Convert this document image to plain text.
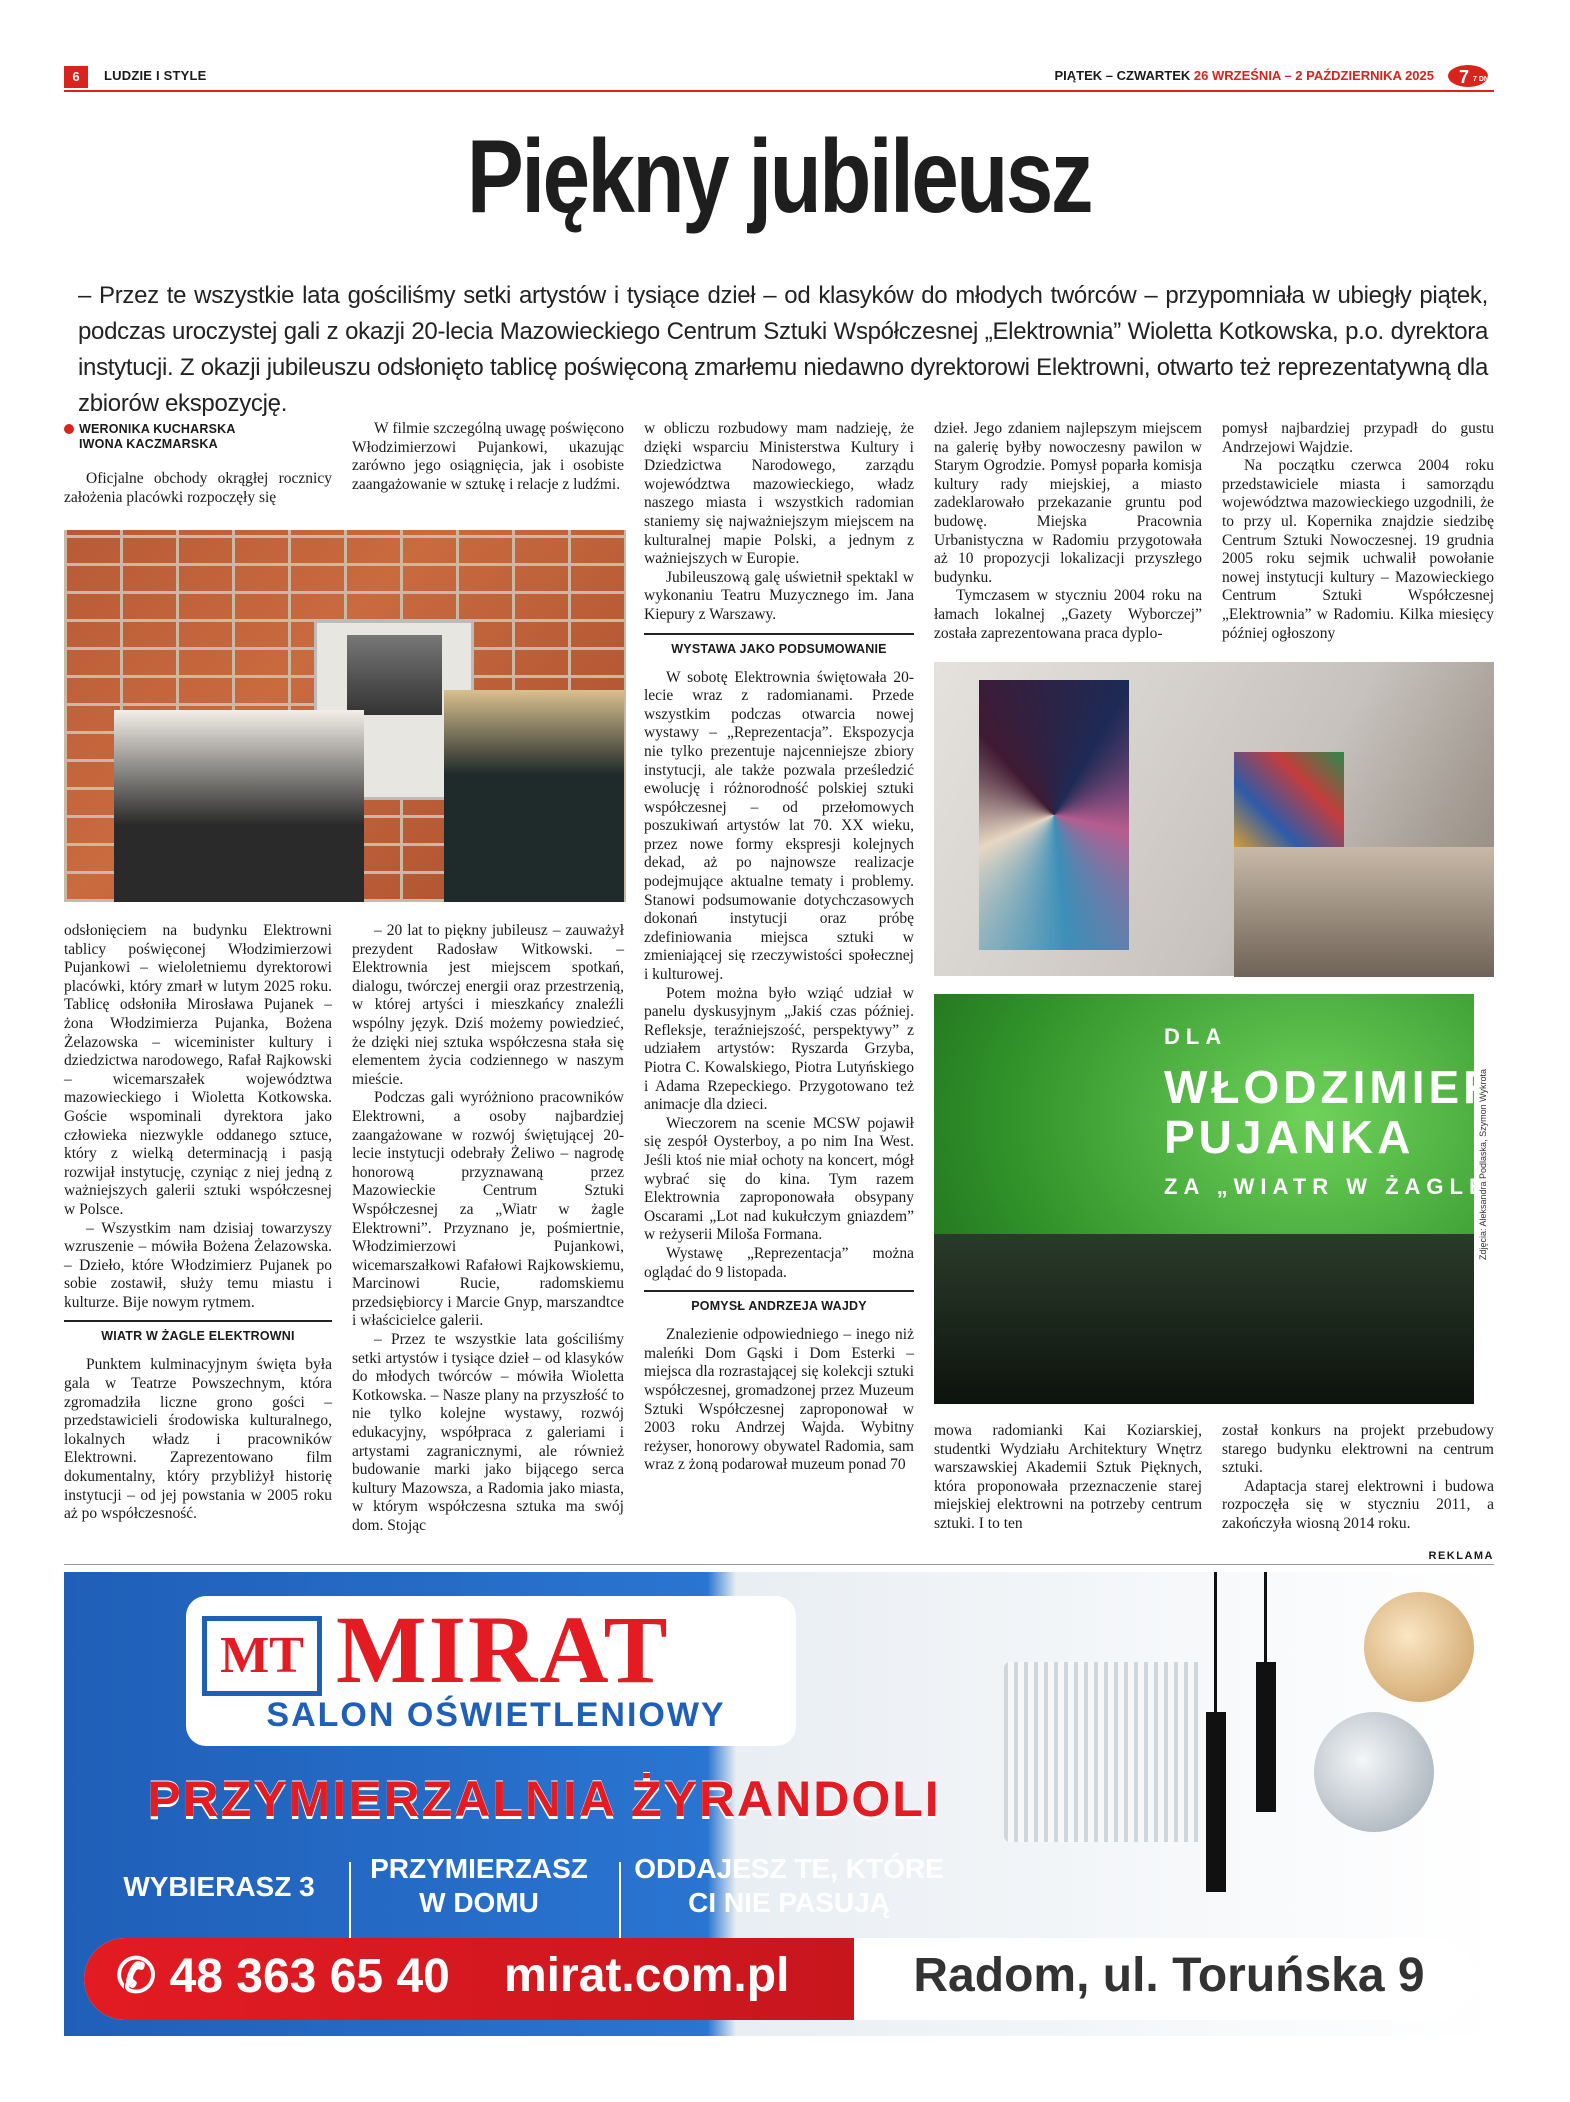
6	LUDZIE I STYLE	PIĄTEK – CZWARTEK 26 WRZEŚNIA – 2 PAŹDZIERNIKA 2025 7 7 DNI
Piękny jubileusz

– Przez te wszystkie lata gościliśmy setki artystów i tysiące dzieł – od klasyków do młodych twórców – przypomniała w ubiegły piątek, podczas uroczystej gali z okazji 20-lecia Mazowieckiego Centrum Sztuki Współczesnej „Elektrownia” Wioletta Kotkowska, p.o. dyrektora instytucji. Z okazji jubileuszu odsłonięto tablicę poświęconą zmarłemu niedawno dyrektorowi Elektrowni, otwarto też reprezentatywną dla zbiorów ekspozycję.

WERONIKA KUCHARSKA
IWONA KACZMARSKA

Oficjalne obchody okrągłej rocznicy założenia placówki rozpoczęły się

W filmie szczególną uwagę poświęcono Włodzimierzowi Pujankowi, ukazując zarówno jego osiągnięcia, jak i osobiste zaangażowanie w sztukę i relacje z ludźmi.

odsłonięciem na budynku Elektrowni tablicy poświęconej Włodzimierzowi Pujankowi – wieloletniemu dyrektorowi placówki, który zmarł w lutym 2025 roku. Tablicę odsłoniła Mirosława Pujanek – żona Włodzimierza Pujanka, Bożena Żelazowska – wiceminister kultury i dziedzictwa narodowego, Rafał Rajkowski – wicemarszałek województwa mazowieckiego i Wioletta Kotkowska. Goście wspominali dyrektora jako człowieka niezwykle oddanego sztuce, który z wielką determinacją i pasją rozwijał instytucję, czyniąc z niej jedną z ważniejszych galerii sztuki współczesnej w Polsce.

– Wszystkim nam dzisiaj towarzyszy wzruszenie – mówiła Bożena Żelazowska. – Dzieło, które Włodzimierz Pujanek po sobie zostawił, służy temu miastu i kulturze. Bije nowym rytmem.

WIATR W ŻAGLE ELEKTROWNI

Punktem kulminacyjnym święta była gala w Teatrze Powszechnym, która zgromadziła liczne grono gości – przedstawicieli środowiska kulturalnego, lokalnych władz i pracowników Elektrowni. Zaprezentowano film dokumentalny, który przybliżył historię instytucji – od jej powstania w 2005 roku aż po współczesność.

– 20 lat to piękny jubileusz – zauważył prezydent Radosław Witkowski. – Elektrownia jest miejscem spotkań, dialogu, twórczej energii oraz przestrzenią, w której artyści i mieszkańcy znaleźli wspólny język. Dziś możemy powiedzieć, że dzięki niej sztuka współczesna stała się elementem życia codziennego w naszym mieście.

Podczas gali wyróżniono pracowników Elektrowni, a osoby najbardziej zaangażowane w rozwój świętującej 20-lecie instytucji odebrały Żeliwo – nagrodę honorową przyznawaną przez Mazowieckie Centrum Sztuki Współczesnej za „Wiatr w żagle Elektrowni”. Przyznano je, pośmiertnie, Włodzimierzowi Pujankowi, wicemarszałkowi Rafałowi Rajkowskiemu, Marcinowi Rucie, radomskiemu przedsiębiorcy i Marcie Gnyp, marszandtce i właścicielce galerii.

– Przez te wszystkie lata gościliśmy setki artystów i tysiące dzieł – od klasyków do młodych twórców – mówiła Wioletta Kotkowska. – Nasze plany na przyszłość to nie tylko kolejne wystawy, rozwój edukacyjny, współpraca z galeriami i artystami zagranicznymi, ale również budowanie marki jako bijącego serca kultury Mazowsza, a Radomia jako miasta, w którym współczesna sztuka ma swój dom. Stojąc

w obliczu rozbudowy mam nadzieję, że dzięki wsparciu Ministerstwa Kultury i Dziedzictwa Narodowego, zarządu województwa mazowieckiego, władz naszego miasta i wszystkich radomian staniemy się najważniejszym miejscem na kulturalnej mapie Polski, a jednym z ważniejszych w Europie.

Jubileuszową galę uświetnił spektakl w wykonaniu Teatru Muzycznego im. Jana Kiepury z Warszawy.

WYSTAWA JAKO PODSUMOWANIE

W sobotę Elektrownia świętowała 20-lecie wraz z radomianami. Przede wszystkim podczas otwarcia nowej wystawy – „Reprezentacja”. Ekspozycja nie tylko prezentuje najcenniejsze zbiory instytucji, ale także pozwala prześledzić ewolucję i różnorodność polskiej sztuki współczesnej – od przełomowych poszukiwań artystów lat 70. XX wieku, przez nowe formy ekspresji kolejnych dekad, aż po najnowsze realizacje podejmujące aktualne tematy i problemy. Stanowi podsumowanie dotychczasowych dokonań instytucji oraz próbę zdefiniowania miejsca sztuki w zmieniającej się rzeczywistości społecznej i kulturowej.

Potem można było wziąć udział w panelu dyskusyjnym „Jakiś czas później. Refleksje, teraźniejszość, perspektywy” z udziałem artystów: Ryszarda Grzyba, Piotra C. Kowalskiego, Piotra Lutyńskiego i Adama Rzepeckiego. Przygotowano też animacje dla dzieci.

Wieczorem na scenie MCSW pojawił się zespół Oysterboy, a po nim Ina West. Jeśli ktoś nie miał ochoty na koncert, mógł wybrać się do kina. Tym razem Elektrownia zaproponowała obsypany Oscarami „Lot nad kukułczym gniazdem” w reżyserii Miloša Formana.

Wystawę „Reprezentacja” można oglądać do 9 listopada.

POMYSŁ ANDRZEJA WAJDY

Znalezienie odpowiedniego – inego niż maleńki Dom Gąski i Dom Esterki – miejsca dla rozrastającej się kolekcji sztuki współczesnej, gromadzonej przez Muzeum Sztuki Współczesnej zaproponował w 2003 roku Andrzej Wajda. Wybitny reżyser, honorowy obywatel Radomia, sam wraz z żoną podarował muzeum ponad 70

dzieł. Jego zdaniem najlepszym miejscem na galerię byłby nowoczesny pawilon w Starym Ogrodzie. Pomysł poparła komisja kultury rady miejskiej, a miasto zadeklarowało przekazanie gruntu pod budowę. Miejska Pracownia Urbanistyczna w Radomiu przygotowała aż 10 propozycji lokalizacji przyszłego budynku.

Tymczasem w styczniu 2004 roku na łamach lokalnej „Gazety Wyborczej” została zaprezentowana praca dyplo-

pomysł najbardziej przypadł do gustu Andrzejowi Wajdzie.

Na początku czerwca 2004 roku przedstawiciele miasta i samorządu województwa mazowieckiego uzgodnili, że to przy ul. Kopernika znajdzie siedzibę Centrum Sztuki Nowoczesnej. 19 grudnia 2005 roku sejmik uchwalił powołanie nowej instytucji kultury – Mazowieckiego Centrum Sztuki Współczesnej „Elektrownia” w Radomiu. Kilka miesięcy później ogłoszony

DLA
WŁODZIMIERZA
PUJANKA
ZA „WIATR W ŻAGLE
Zdjęcia: Aleksandra Podlaska, Szymon Wykrota

mowa radomianki Kai Koziarskiej, studentki Wydziału Architektury Wnętrz warszawskiej Akademii Sztuk Pięknych, która proponowała przeznaczenie starej miejskiej elektrowni na potrzeby centrum sztuki. I to ten

został konkurs na projekt przebudowy starego budynku elektrowni na centrum sztuki.

Adaptacja starej elektrowni i budowa rozpoczęła się w styczniu 2011, a zakończyła wiosną 2014 roku.

REKLAMA
MT MIRAT
SALON OŚWIETLENIOWY
PRZYMIERZALNIA ŻYRANDOLI
WYBIERASZ 3
PRZYMIERZASZ W DOMU
ODDAJESZ TE, KTÓRE CI NIE PASUJĄ
✆ 48 363 65 40 mirat.com.pl	Radom, ul. Toruńska 9
